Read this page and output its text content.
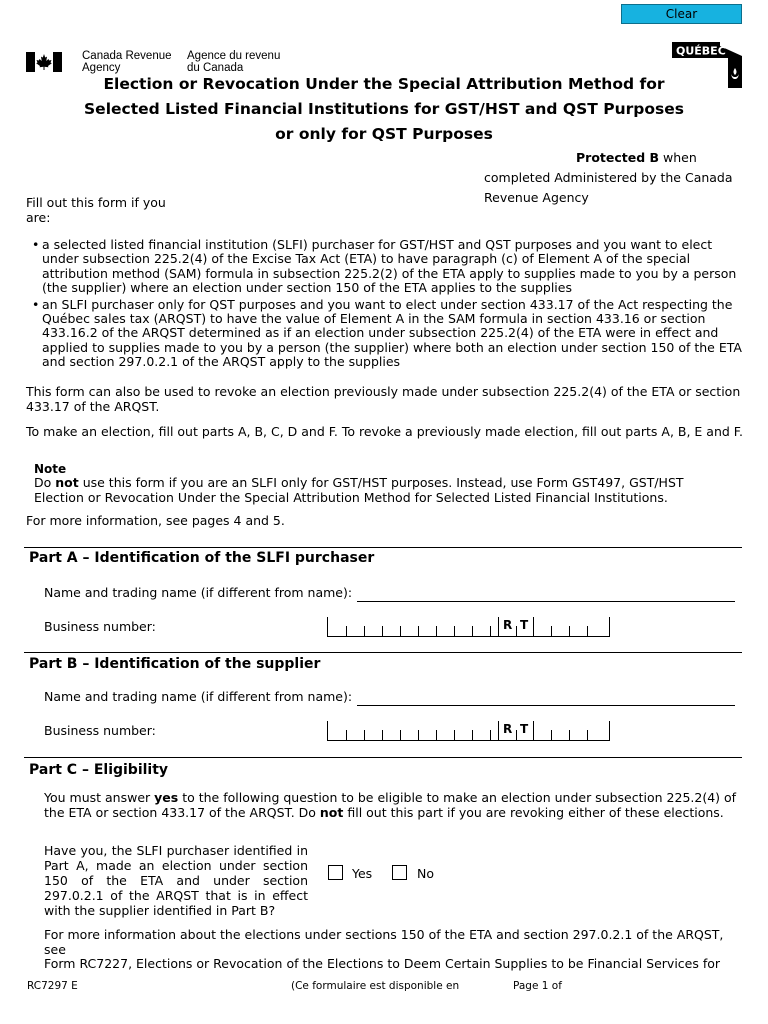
Clear
Canada Revenue
Agency
Agence du revenu
du Canada
QUÉBEC
Election or Revocation Under the Special Attribution Method for
Selected Listed Financial Institutions for GST/HST and QST Purposes
or only for QST Purposes
Protected B when
completed Administered by the Canada
Revenue Agency
Fill out this form if you are:
• a selected listed financial institution (SLFI) purchaser for GST/HST and QST purposes and you want to elect under subsection 225.2(4) of the Excise Tax Act (ETA) to have paragraph (c) of Element A of the special attribution method (SAM) formula in subsection 225.2(2) of the ETA apply to supplies made to you by a person (the supplier) where an election under section 150 of the ETA applies to the supplies
• an SLFI purchaser only for QST purposes and you want to elect under section 433.17 of the Act respecting the Québec sales tax (ARQST) to have the value of Element A in the SAM formula in section 433.16 or section 433.16.2 of the ARQST determined as if an election under subsection 225.2(4) of the ETA were in effect and applied to supplies made to you by a person (the supplier) where both an election under section 150 of the ETA and section 297.0.2.1 of the ARQST apply to the supplies
This form can also be used to revoke an election previously made under subsection 225.2(4) of the ETA or section 433.17 of the ARQST.
To make an election, fill out parts A, B, C, D and F. To revoke a previously made election, fill out parts A, B, E and F.
Note
Do not use this form if you are an SLFI only for GST/HST purposes. Instead, use Form GST497, GST/HST Election or Revocation Under the Special Attribution Method for Selected Listed Financial Institutions.
For more information, see pages 4 and 5.
Part A – Identification of the SLFI purchaser
Name and trading name (if different from name):
Business number:	R T
Part B – Identification of the supplier
Name and trading name (if different from name):
Business number:	R T
Part C – Eligibility
You must answer yes to the following question to be eligible to make an election under subsection 225.2(4) of the ETA or section 433.17 of the ARQST. Do not fill out this part if you are revoking either of these elections.
Have you, the SLFI purchaser identified in Part A, made an election under section 150 of the ETA and under section 297.0.2.1 of the ARQST that is in effect with the supplier identified in Part B?
Yes	No
For more information about the elections under sections 150 of the ETA and section 297.0.2.1 of the ARQST, see
Form RC7227, Elections or Revocation of the Elections to Deem Certain Supplies to be Financial Services for
RC7297 E	(Ce formulaire est disponible en	Page 1 of
